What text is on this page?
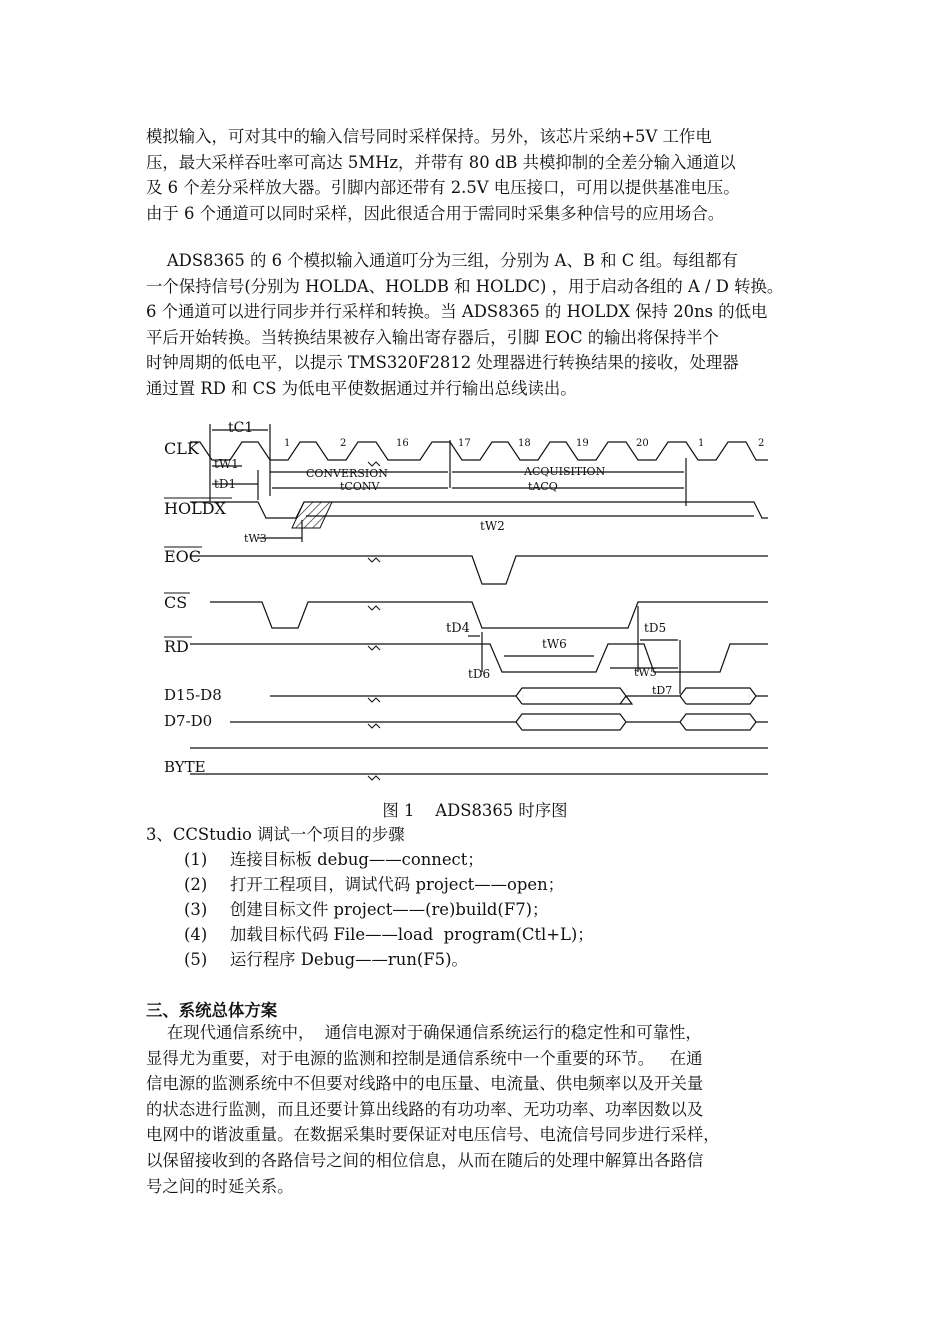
模拟输入，可对其中的输入信号同时采样保持。另外，该芯片采纳+5V 工作电

压，最大采样吞吐率可高达 5MHz，并带有 80 dB 共模抑制的全差分输入通道以

及 6 个差分采样放大器。引脚内部还带有 2.5V 电压接口，可用以提供基准电压。

由于 6 个通道可以同时采样，因此很适合用于需同时采集多种信号的应用场合。

ADS8365 的 6 个模拟输入通道叮分为三组，分别为 A、B 和 C 组。每组都有

一个保持信号(分别为 HOLDA、HOLDB 和 HOLDC) ，用于启动各组的 A / D 转换。

6 个通道可以进行同步并行采样和转换。当 ADS8365 的 HOLDX 保持 20ns 的低电

平后开始转换。当转换结果被存入输出寄存器后，引脚 EOC 的输出将保持半个

时钟周期的低电平，以提示 TMS320F2812 处理器进行转换结果的接收，处理器

通过置 RD 和 CS 为低电平使数据通过并行输出总线读出。

CLK
HOLDX
EOC
CS
RD
D15-D8
D7-D0
BYTE
tC1
tW1
tD1
tW3
tCONV	tACQ
tW2
tD4
tW6
tD5
tD6	tW5
tD7
CONVERSION	ACQUISITION
1	2	16	17	18	19	20	1	2
图 1    ADS8365 时序图
3、CCStudio 调试一个项目的步骤
(1) 连接目标板 debug——connect；
(2) 打开工程项目，调试代码 project——open；
(3) 创建目标文件 project——(re)build(F7)；
(4) 加载目标代码 File——load  program(Ctl+L)；
(5) 运行程序 Debug——run(F5)。
三、系统总体方案

在现代通信系统中，  通信电源对于确保通信系统运行的稳定性和可靠性，

显得尤为重要，对于电源的监测和控制是通信系统中一个重要的环节。   在通

信电源的监测系统中不但要对线路中的电压量、电流量、供电频率以及开关量

的状态进行监测，而且还要计算出线路的有功功率、无功功率、功率因数以及

电网中的谐波重量。在数据采集时要保证对电压信号、电流信号同步进行采样，

以保留接收到的各路信号之间的相位信息，从而在随后的处理中解算出各路信

号之间的时延关系。
